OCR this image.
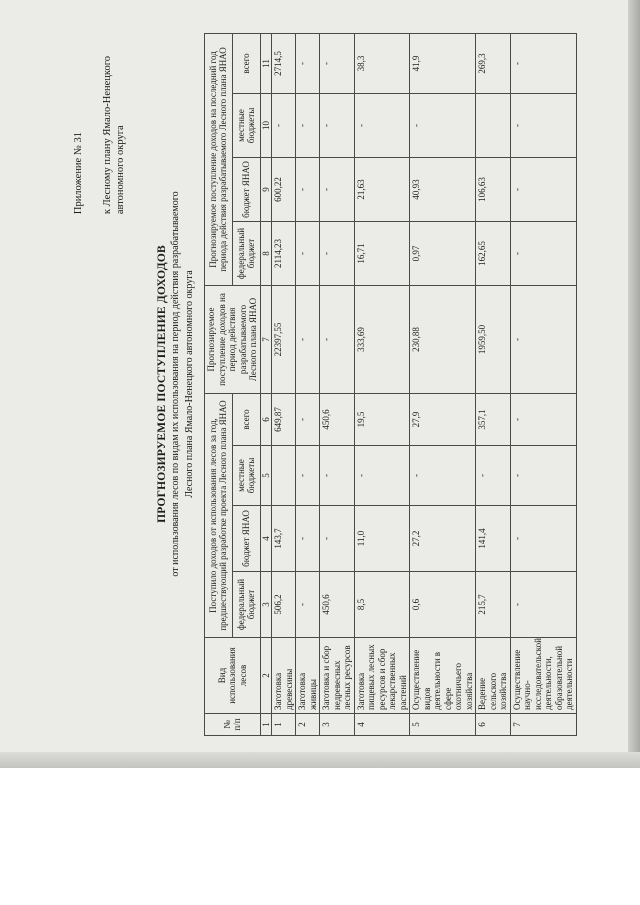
Приложение № 31 к Лесному плану Ямало-Ненецкого автономного округа
ПРОГНОЗИРУЕМОЕ ПОСТУПЛЕНИЕ ДОХОДОВ от использования лесов по видам их использования на период действия разрабатываемого Лесного плана Ямало-Ненецкого автономного округа
№ п/п	Вид использования лесов	Поступило доходов от использования лесов за год, предшествующий разработке проекта Лесного плана ЯНАО				Прогнозируемое поступление доходов на период действия разрабатываемого Лесного плана ЯНАО	Прогнозируемое поступление доходов на последний год периода действия разрабатываемого Лесного плана ЯНАО			
		федеральный бюджет	бюджет ЯНАО	местные бюджеты	всего		федеральный бюджет	бюджет ЯНАО	местные бюджеты	всего
1	2	3	4	5	6	7	8	9	10	11
1	Заготовка древесины	506,2	143,7		649,87	22397,55	2114,23	600,22	-	2714,5
2	Заготовка живицы	-	-	-	-	-	-	-	-	-
3	Заготовка и сбор недревесных лесных ресурсов	450,6	-	-	450,6	-	-	-	-	-
4	Заготовка пищевых лесных ресурсов и сбор лекарственных растений	8,5	11,0	-	19,5	333,69	16,71	21,63	-	38,3
5	Осуществление видов деятельности в сфере охотничьего хозяйства	0,6	27,2	-	27,9	230,88	0,97	40,93	-	41,9
6	Ведение сельского хозяйства	215,7	141,4	-	357,1	1959,50	162,65	106,63		269,3
7	Осуществление научно-исследовательской деятельности, образовательной деятельности	-	-	-	-	-	-	-	-	-
